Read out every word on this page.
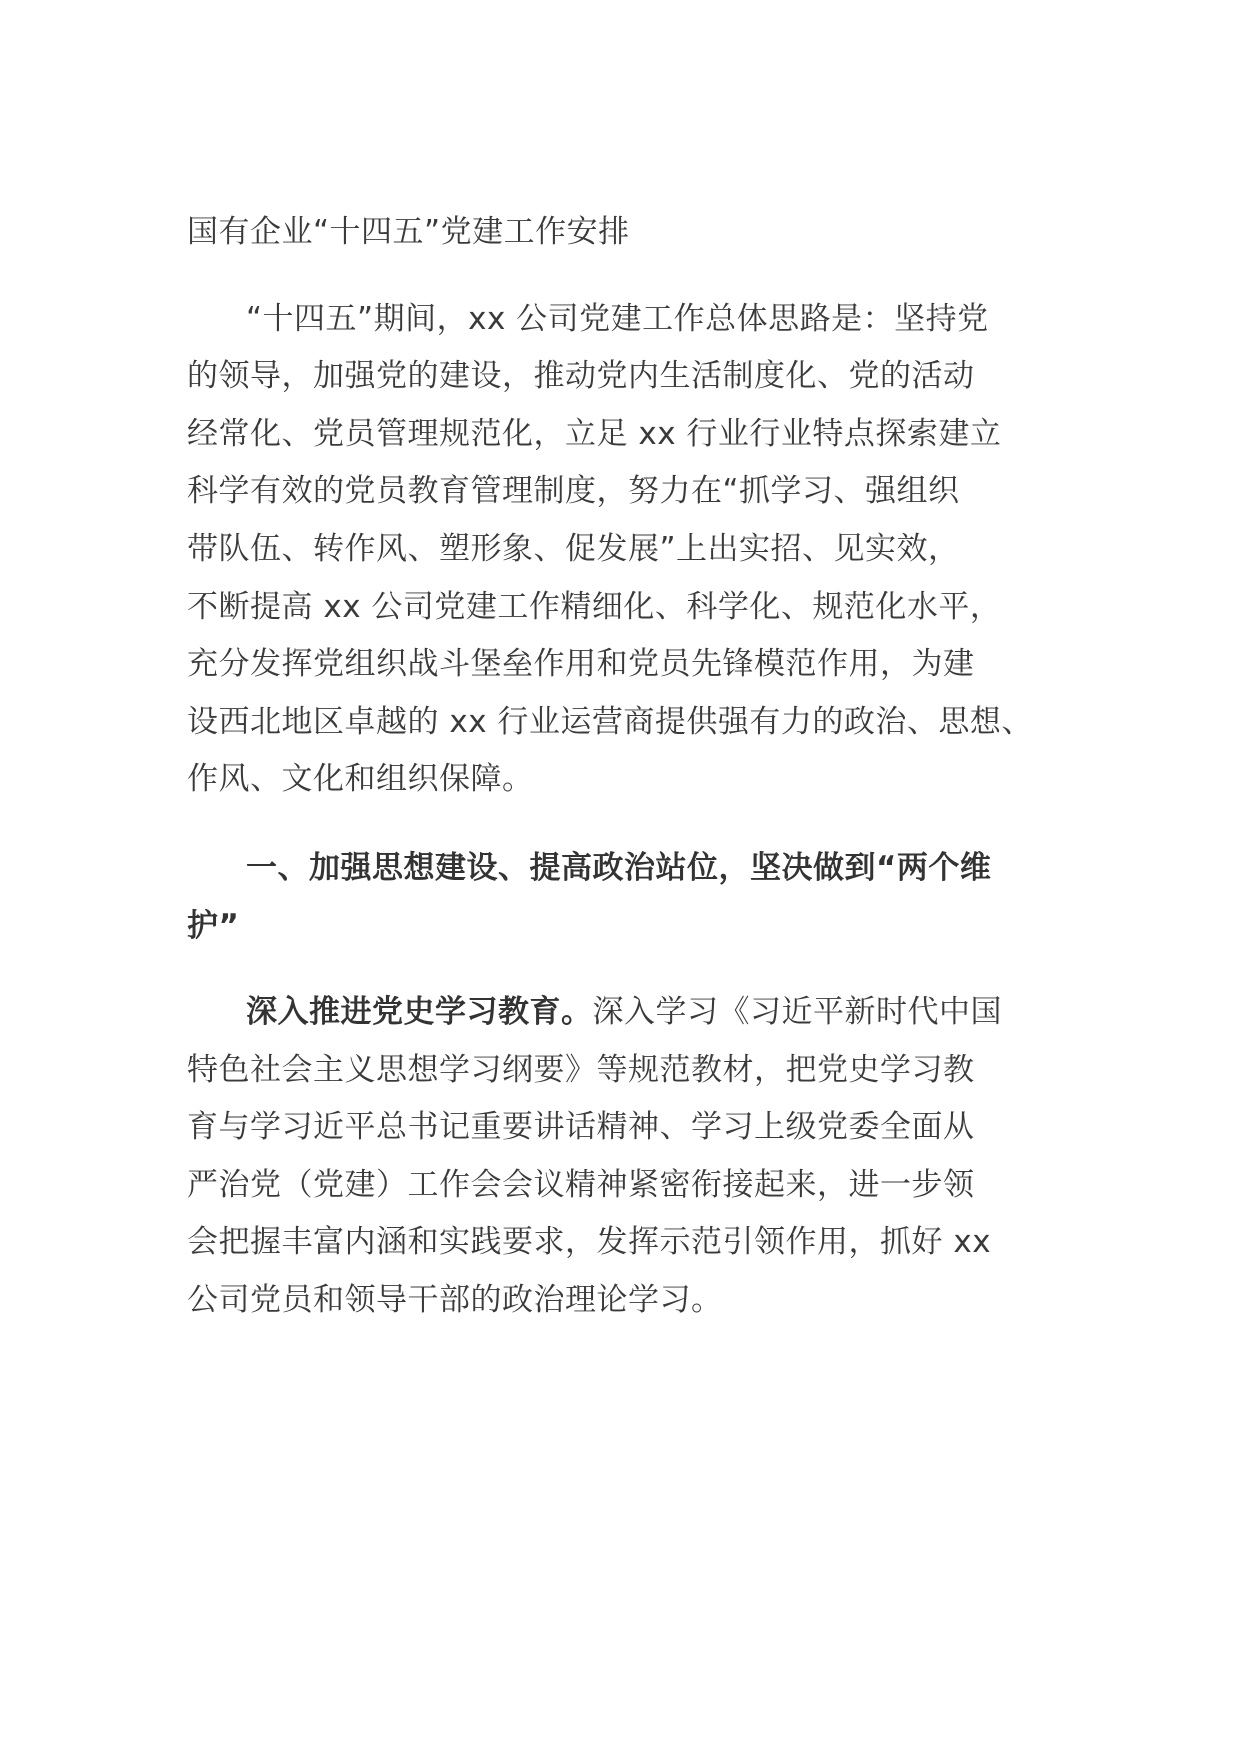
国有企业“十四五”党建工作安排
“十四五”期间，xx 公司党建工作总体思路是：坚持党
的领导，加强党的建设，推动党内生活制度化、党的活动
经常化、党员管理规范化，立足 xx 行业行业特点探索建立
科学有效的党员教育管理制度，努力在“抓学习、强组织
带队伍、转作风、塑形象、促发展”上出实招、见实效，
不断提高 xx 公司党建工作精细化、科学化、规范化水平，
充分发挥党组织战斗堡垒作用和党员先锋模范作用，为建
设西北地区卓越的 xx 行业运营商提供强有力的政治、思想、
作风、文化和组织保障。
一、加强思想建设、提高政治站位，坚决做到“两个维
护”
深入推进党史学习教育。深入学习《习近平新时代中国
特色社会主义思想学习纲要》等规范教材，把党史学习教
育与学习近平总书记重要讲话精神、学习上级党委全面从
严治党（党建）工作会会议精神紧密衔接起来，进一步领
会把握丰富内涵和实践要求，发挥示范引领作用，抓好 xx
公司党员和领导干部的政治理论学习。
